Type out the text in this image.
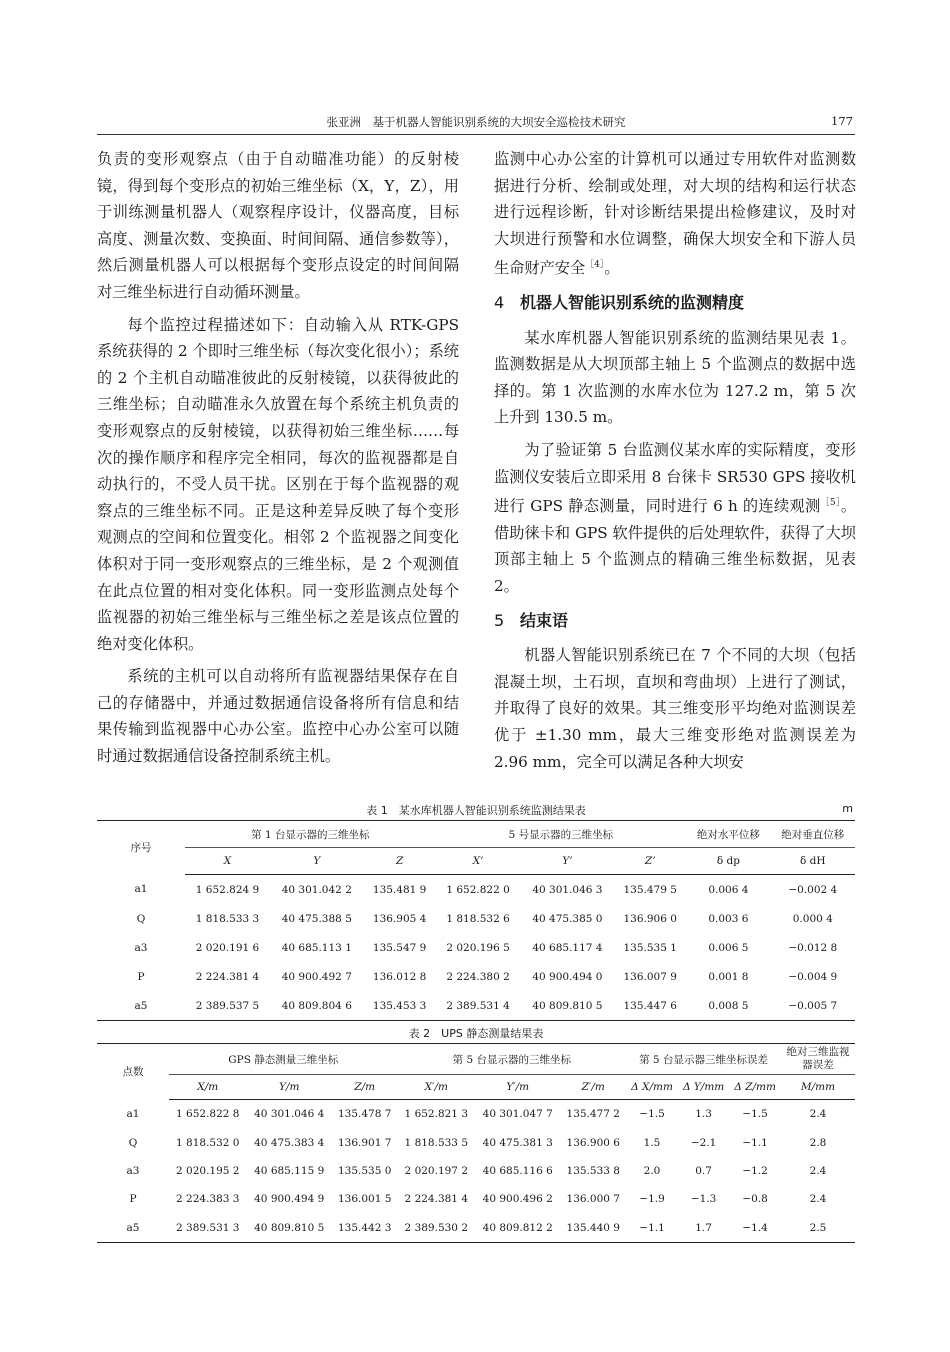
张亚洲　基于机器人智能识别系统的大坝安全巡检技术研究	177

负责的变形观察点（由于自动瞄准功能）的反射棱镜，得到每个变形点的初始三维坐标（X，Y，Z），用于训练测量机器人（观察程序设计，仪器高度，目标高度、测量次数、变换面、时间间隔、通信参数等），然后测量机器人可以根据每个变形点设定的时间间隔对三维坐标进行自动循环测量。

每个监控过程描述如下：自动输入从 RTK-GPS 系统获得的 2 个即时三维坐标（每次变化很小）；系统的 2 个主机自动瞄准彼此的反射棱镜，以获得彼此的三维坐标；自动瞄准永久放置在每个系统主机负责的变形观察点的反射棱镜，以获得初始三维坐标……每次的操作顺序和程序完全相同，每次的监视器都是自动执行的，不受人员干扰。区别在于每个监视器的观察点的三维坐标不同。正是这种差异反映了每个变形观测点的空间和位置变化。相邻 2 个监视器之间变化体积对于同一变形观察点的三维坐标，是 2 个观测值在此点位置的相对变化体积。同一变形监测点处每个监视器的初始三维坐标与三维坐标之差是该点位置的绝对变化体积。

系统的主机可以自动将所有监视器结果保存在自己的存储器中，并通过数据通信设备将所有信息和结果传输到监视器中心办公室。监控中心办公室可以随时通过数据通信设备控制系统主机。

监测中心办公室的计算机可以通过专用软件对监测数据进行分析、绘制或处理，对大坝的结构和运行状态进行远程诊断，针对诊断结果提出检修建议，及时对大坝进行预警和水位调整，确保大坝安全和下游人员生命财产安全$^{[4]}$。

4 机器人智能识别系统的监测精度

某水库机器人智能识别系统的监测结果见表 1。监测数据是从大坝顶部主轴上 5 个监测点的数据中选择的。第 1 次监测的水库水位为 127.2 m，第 5 次上升到 130.5 m。

为了验证第 5 台监测仪某水库的实际精度，变形监测仪安装后立即采用 8 台徕卡 SR530 GPS 接收机进行 GPS 静态测量，同时进行 6 h 的连续观测$^{[5]}$。借助徕卡和 GPS 软件提供的后处理软件，获得了大坝顶部主轴上 5 个监测点的精确三维坐标数据，见表 2。

5 结束语

机器人智能识别系统已在 7 个不同的大坝（包括混凝土坝，土石坝，直坝和弯曲坝）上进行了测试，并取得了良好的效果。其三维变形平均绝对监测误差优于 ±1.30 mm，最大三维变形绝对监测误差为 2.96 mm，完全可以满足各种大坝安

表 1　某水库机器人智能识别系统监测结果表	m
序号	第 1 台显示器的三维坐标			5 号显示器的三维坐标			绝对水平位移	绝对垂直位移
	X	Y	Z	X’	Y’	Z’	δ dp	δ dH
a1	1 652.824 9	40 301.042 2	135.481 9	1 652.822 0	40 301.046 3	135.479 5	0.006 4	−0.002 4
Q	1 818.533 3	40 475.388 5	136.905 4	1 818.532 6	40 475.385 0	136.906 0	0.003 6	0.000 4
a3	2 020.191 6	40 685.113 1	135.547 9	2 020.196 5	40 685.117 4	135.535 1	0.006 5	−0.012 8
P	2 224.381 4	40 900.492 7	136.012 8	2 224.380 2	40 900.494 0	136.007 9	0.001 8	−0.004 9
a5	2 389.537 5	40 809.804 6	135.453 3	2 389.531 4	40 809.810 5	135.447 6	0.008 5	−0.005 7
表 2　UPS 静态测量结果表
点数	GPS 静态测量三维坐标			第 5 台显示器的三维坐标			第 5 台显示器三维坐标误差			绝对三维监视器误差
	X/m	Y/m	Z/m	X′/m	Y′/m	Z′/m	Δ X/mm	Δ Y/mm	Δ Z/mm	M/mm
a1	1 652.822 8	40 301.046 4	135.478 7	1 652.821 3	40 301.047 7	135.477 2	−1.5	1.3	−1.5	2.4
Q	1 818.532 0	40 475.383 4	136.901 7	1 818.533 5	40 475.381 3	136.900 6	1.5	−2.1	−1.1	2.8
a3	2 020.195 2	40 685.115 9	135.535 0	2 020.197 2	40 685.116 6	135.533 8	2.0	0.7	−1.2	2.4
P	2 224.383 3	40 900.494 9	136.001 5	2 224.381 4	40 900.496 2	136.000 7	−1.9	−1.3	−0.8	2.4
a5	2 389.531 3	40 809.810 5	135.442 3	2 389.530 2	40 809.812 2	135.440 9	−1.1	1.7	−1.4	2.5
